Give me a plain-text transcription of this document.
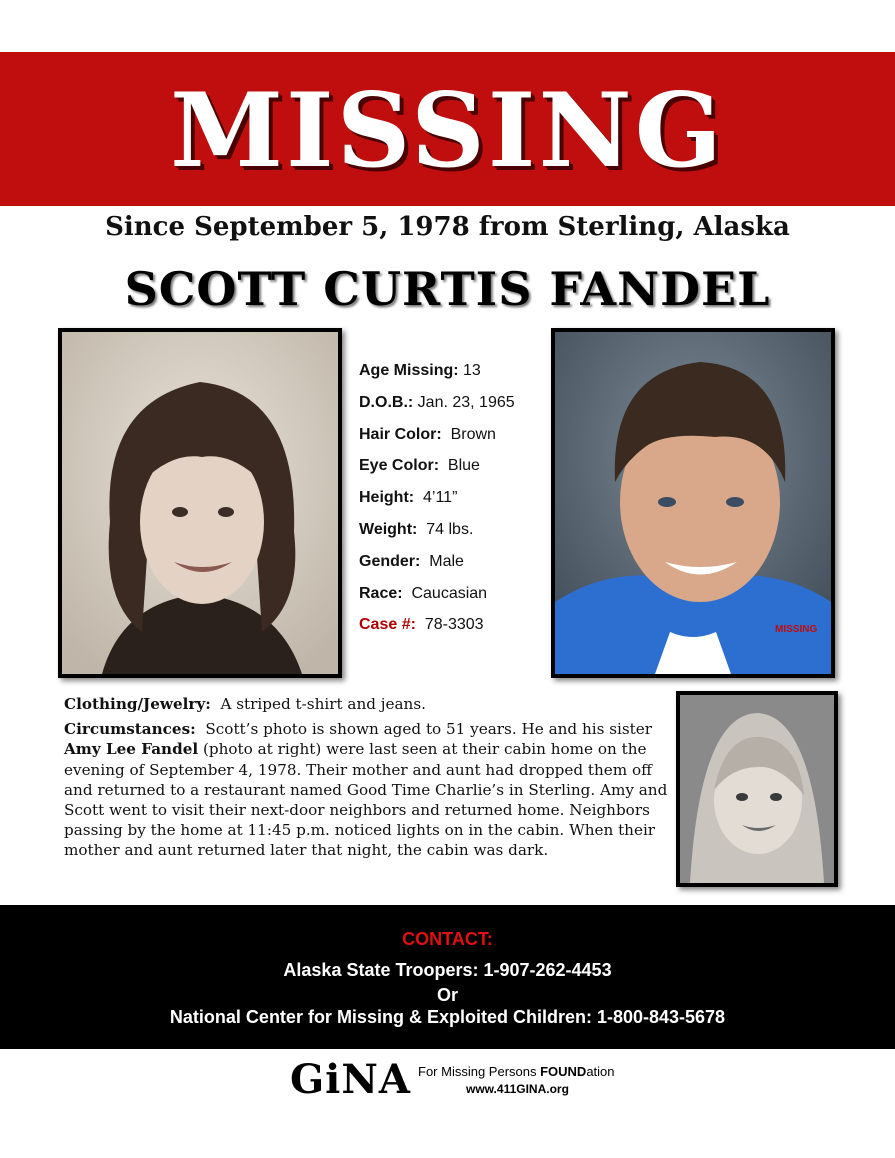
MISSING
Since September 5, 1978 from Sterling, Alaska
SCOTT CURTIS FANDEL
Age Missing: 13
D.O.B.: Jan. 23, 1965
Hair Color: Brown
Eye Color: Blue
Height: 4’11”
Weight: 74 lbs.
Gender: Male
Race: Caucasian
Case #: 78-3303	MISSING

Clothing/Jewelry: A striped t-shirt and jeans.

Circumstances: Scott’s photo is shown aged to 51 years. He and his sister Amy Lee Fandel (photo at right) were last seen at their cabin home on the evening of September 4, 1978. Their mother and aunt had dropped them off and returned to a restaurant named Good Time Charlie’s in Sterling. Amy and Scott went to visit their next-door neighbors and returned home. Neighbors passing by the home at 11:45 p.m. noticed lights on in the cabin. When their mother and aunt returned later that night, the cabin was dark.

CONTACT:
Alaska State Troopers: 1-907-262-4453
Or
National Center for Missing & Exploited Children: 1-800-843-5678
GiNA For Missing Persons FOUNDation
www.411GINA.org
